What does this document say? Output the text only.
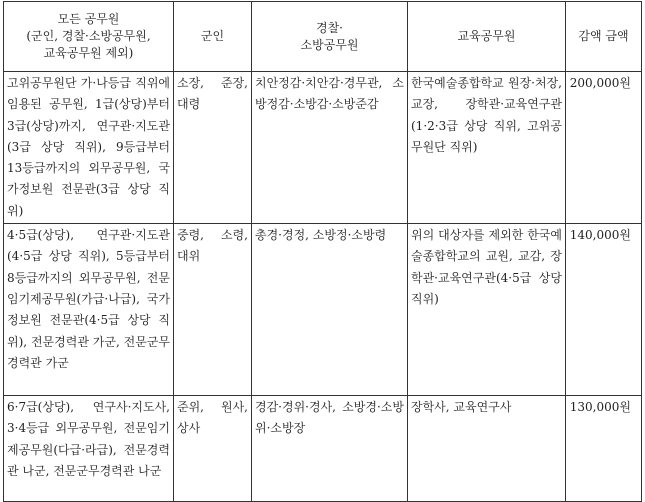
모든 공무원
(군인, 경찰·소방공무원,
교육공무원 제외)	군인	경찰·
소방공무원	교육공무원	감액 금액
고위공무원단 가·나등급 직위에 임용된 공무원, 1급(상당)부터 3급(상당)까지, 연구관·지도관(3급 상당 직위), 9등급부터 13등급까지의 외무공무원, 국가정보원 전문관(3급 상당 직위)	소장, 준장, 대령	치안정감·치안감·경무관, 소방정감·소방감·소방준감	한국예술종합학교 원장·처장, 교장, 장학관·교육연구관(1·2·3급 상당 직위, 고위공무원단 직위)	200,000원
4·5급(상당), 연구관·지도관(4·5급 상당 직위), 5등급부터 8등급까지의 외무공무원, 전문임기제공무원(가급·나급), 국가정보원 전문관(4·5급 상당 직위), 전문경력관 가군, 전문군무경력관 가군	중령, 소령, 대위	총경·경정, 소방정·소방령	위의 대상자를 제외한 한국예술종합학교의 교원, 교감, 장학관·교육연구관(4·5급 상당 직위)	140,000원
6·7급(상당), 연구사·지도사, 3·4등급 외무공무원, 전문임기제공무원(다급·라급), 전문경력관 나군, 전문군무경력관 나군	준위, 원사, 상사	경감·경위·경사, 소방경·소방위·소방장	장학사, 교육연구사	130,000원
